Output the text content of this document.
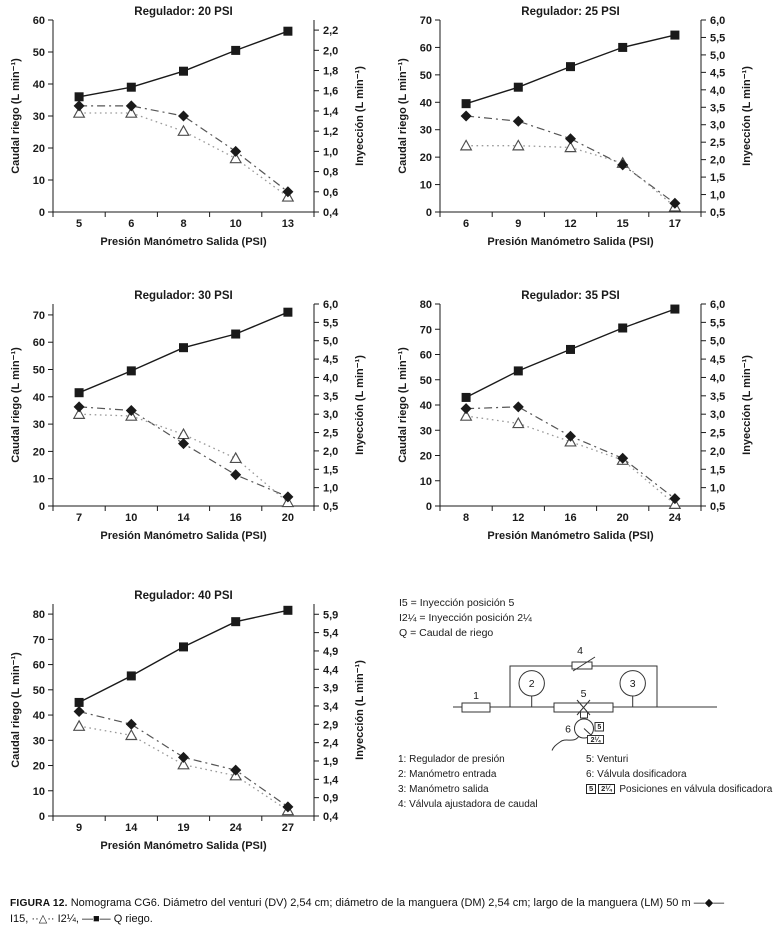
Regulador: 20 PSI
0
10
20
30
40
50
60
Caudal riego (L min⁻¹)
0,4
0,6
0,8
1,0
1,2
1,4
1,6
1,8
2,0
2,2
Inyección (L min⁻¹)
5	6	8	10	13
Presión Manómetro Salida (PSI)
Regulador: 25 PSI
0
10
20
30
40
50
60
70
Caudal riego (L min⁻¹)
0,5
1,0
1,5
2,0
2,5
3,0
3,5
4,0
4,5
5,0
5,5
6,0
Inyección (L min⁻¹)
6	9	12	15	17
Presión Manómetro Salida (PSI)
Regulador: 30 PSI
0
10
20
30
40
50
60
70
Caudal riego (L min⁻¹)
0,5
1,0
1,5
2,0
2,5
3,0
3,5
4,0
4,5
5,0
5,5
6,0
Inyección (L min⁻¹)
7	10	14	16	20
Presión Manómetro Salida (PSI)
Regulador: 35 PSI
0
10
20
30
40
50
60
70
80
Caudal riego (L min⁻¹)
0,5
1,0
1,5
2,0
2,5
3,0
3,5
4,0
4,5
5,0
5,5
6,0
Inyección (L min⁻¹)
8	12	16	20	24
Presión Manómetro Salida (PSI)
Regulador: 40 PSI
0
10
20
30
40
50
60
70
80
Caudal riego (L min⁻¹)
0,4
0,9
1,4
1,9
2,4
2,9
3,4
3,9
4,4
4,9
5,4
5,9
Inyección (L min⁻¹)
9	14	19	24	27
Presión Manómetro Salida (PSI)
1
4
2	3
5
6	5
2¼
I5 = Inyección posición 5
I2¼ = Inyección posición 2¼
Q = Caudal de riego
1: Regulador de presión
2: Manómetro entrada
3: Manómetro salida
4: Válvula ajustadora de caudal
5: Venturi
6: Válvula dosificadora
5 2¼ Posiciones en válvula dosificadora
FIGURA 12. Nomograma CG6. Diámetro del venturi (DV) 2,54 cm; diámetro de la manguera (DM) 2,54 cm; largo de la manguera (LM) 50 m —◆—
I15, ··△·· I2¼, —■— Q riego.
